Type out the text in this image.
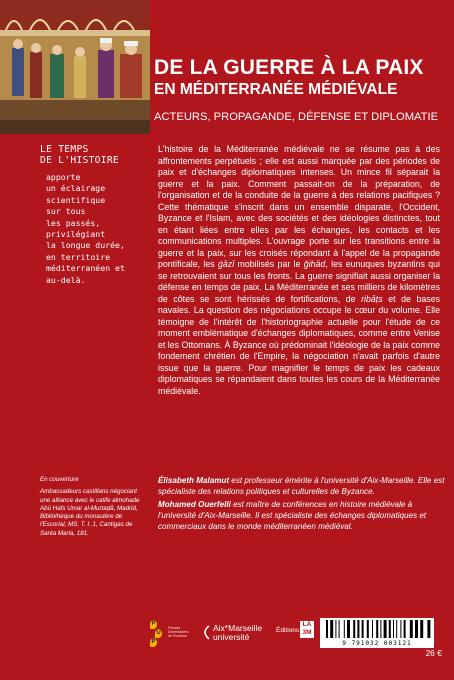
DE LA GUERRE À LA PAIX
EN MÉDITERRANÉE MÉDIÉVALE
ACTEURS, PROPAGANDE, DÉFENSE ET DIPLOMATIE
LE TEMPS
DE L'HISTOIRE
apporte
un éclairage
scientifique
sur tous
les passés,
privilégiant
la longue durée,
en territoire
méditerranéen et
au-delà.

L'histoire de la Méditerranée médiévale ne se résume pas à des affrontements perpétuels ; elle est aussi marquée par des périodes de paix et d'échanges diplomatiques intenses. Un mince fil séparait la guerre et la paix. Comment passait-on de la préparation, de l'organisation et de la conduite de la guerre à des relations pacifiques ? Cette thématique s'inscrit dans un ensemble disparate, l'Occident, Byzance et l'Islam, avec des sociétés et des idéologies distinctes, tout en étant liées entre elles par les échanges, les contacts et les communications multiples. L'ouvrage porte sur les transitions entre la guerre et la paix, sur les croisés répondant à l'appel de la propagande pontificale, les ġāzī mobilisés par le ǧihād, les eunuques byzantins qui se retrouvaient sur tous les fronts. La guerre signifiait aussi organiser la défense en temps de paix. La Méditerranée et ses milliers de kilomètres de côtes se sont hérissés de fortifications, de ribāṭs et de bases navales. La question des négociations occupe le cœur du volume. Elle témoigne de l'intérêt de l'historiographie actuelle pour l'étude de ce moment emblématique d'échanges diplomatiques, comme entre Venise et les Ottomans. À Byzance où prédominait l'idéologie de la paix comme fondement chrétien de l'Empire, la négociation n'avait parfois d'autre issue que la guerre. Pour magnifier le temps de paix les cadeaux diplomatiques se répandaient dans toutes les cours de la Méditerranée médiévale.

Élisabeth Malamut est professeur émérite à l'université d'Aix-Marseille. Elle est spécialiste des relations politiques et culturelles de Byzance.

Mohamed Ouerfelli est maître de conférences en histoire médiévale à l'université d'Aix-Marseille. Il est spécialiste des échanges diplomatiques et commerciaux dans le monde méditerranéen médiéval.

En couverture

Ambassadeurs castillans négociant une alliance avec le calife almohade Abū Hafs Umar al-Murtaḍā, Madrid, Bibliothèque du monastère de l'Escorial, MS. T. I. 1, Cantigas de Santa Maria, 181.

P
U
P
Presses
Universitaires
de Provence
Aix*Marseille
université
Éditions
LA
3M
9 791032 003121
26 €
